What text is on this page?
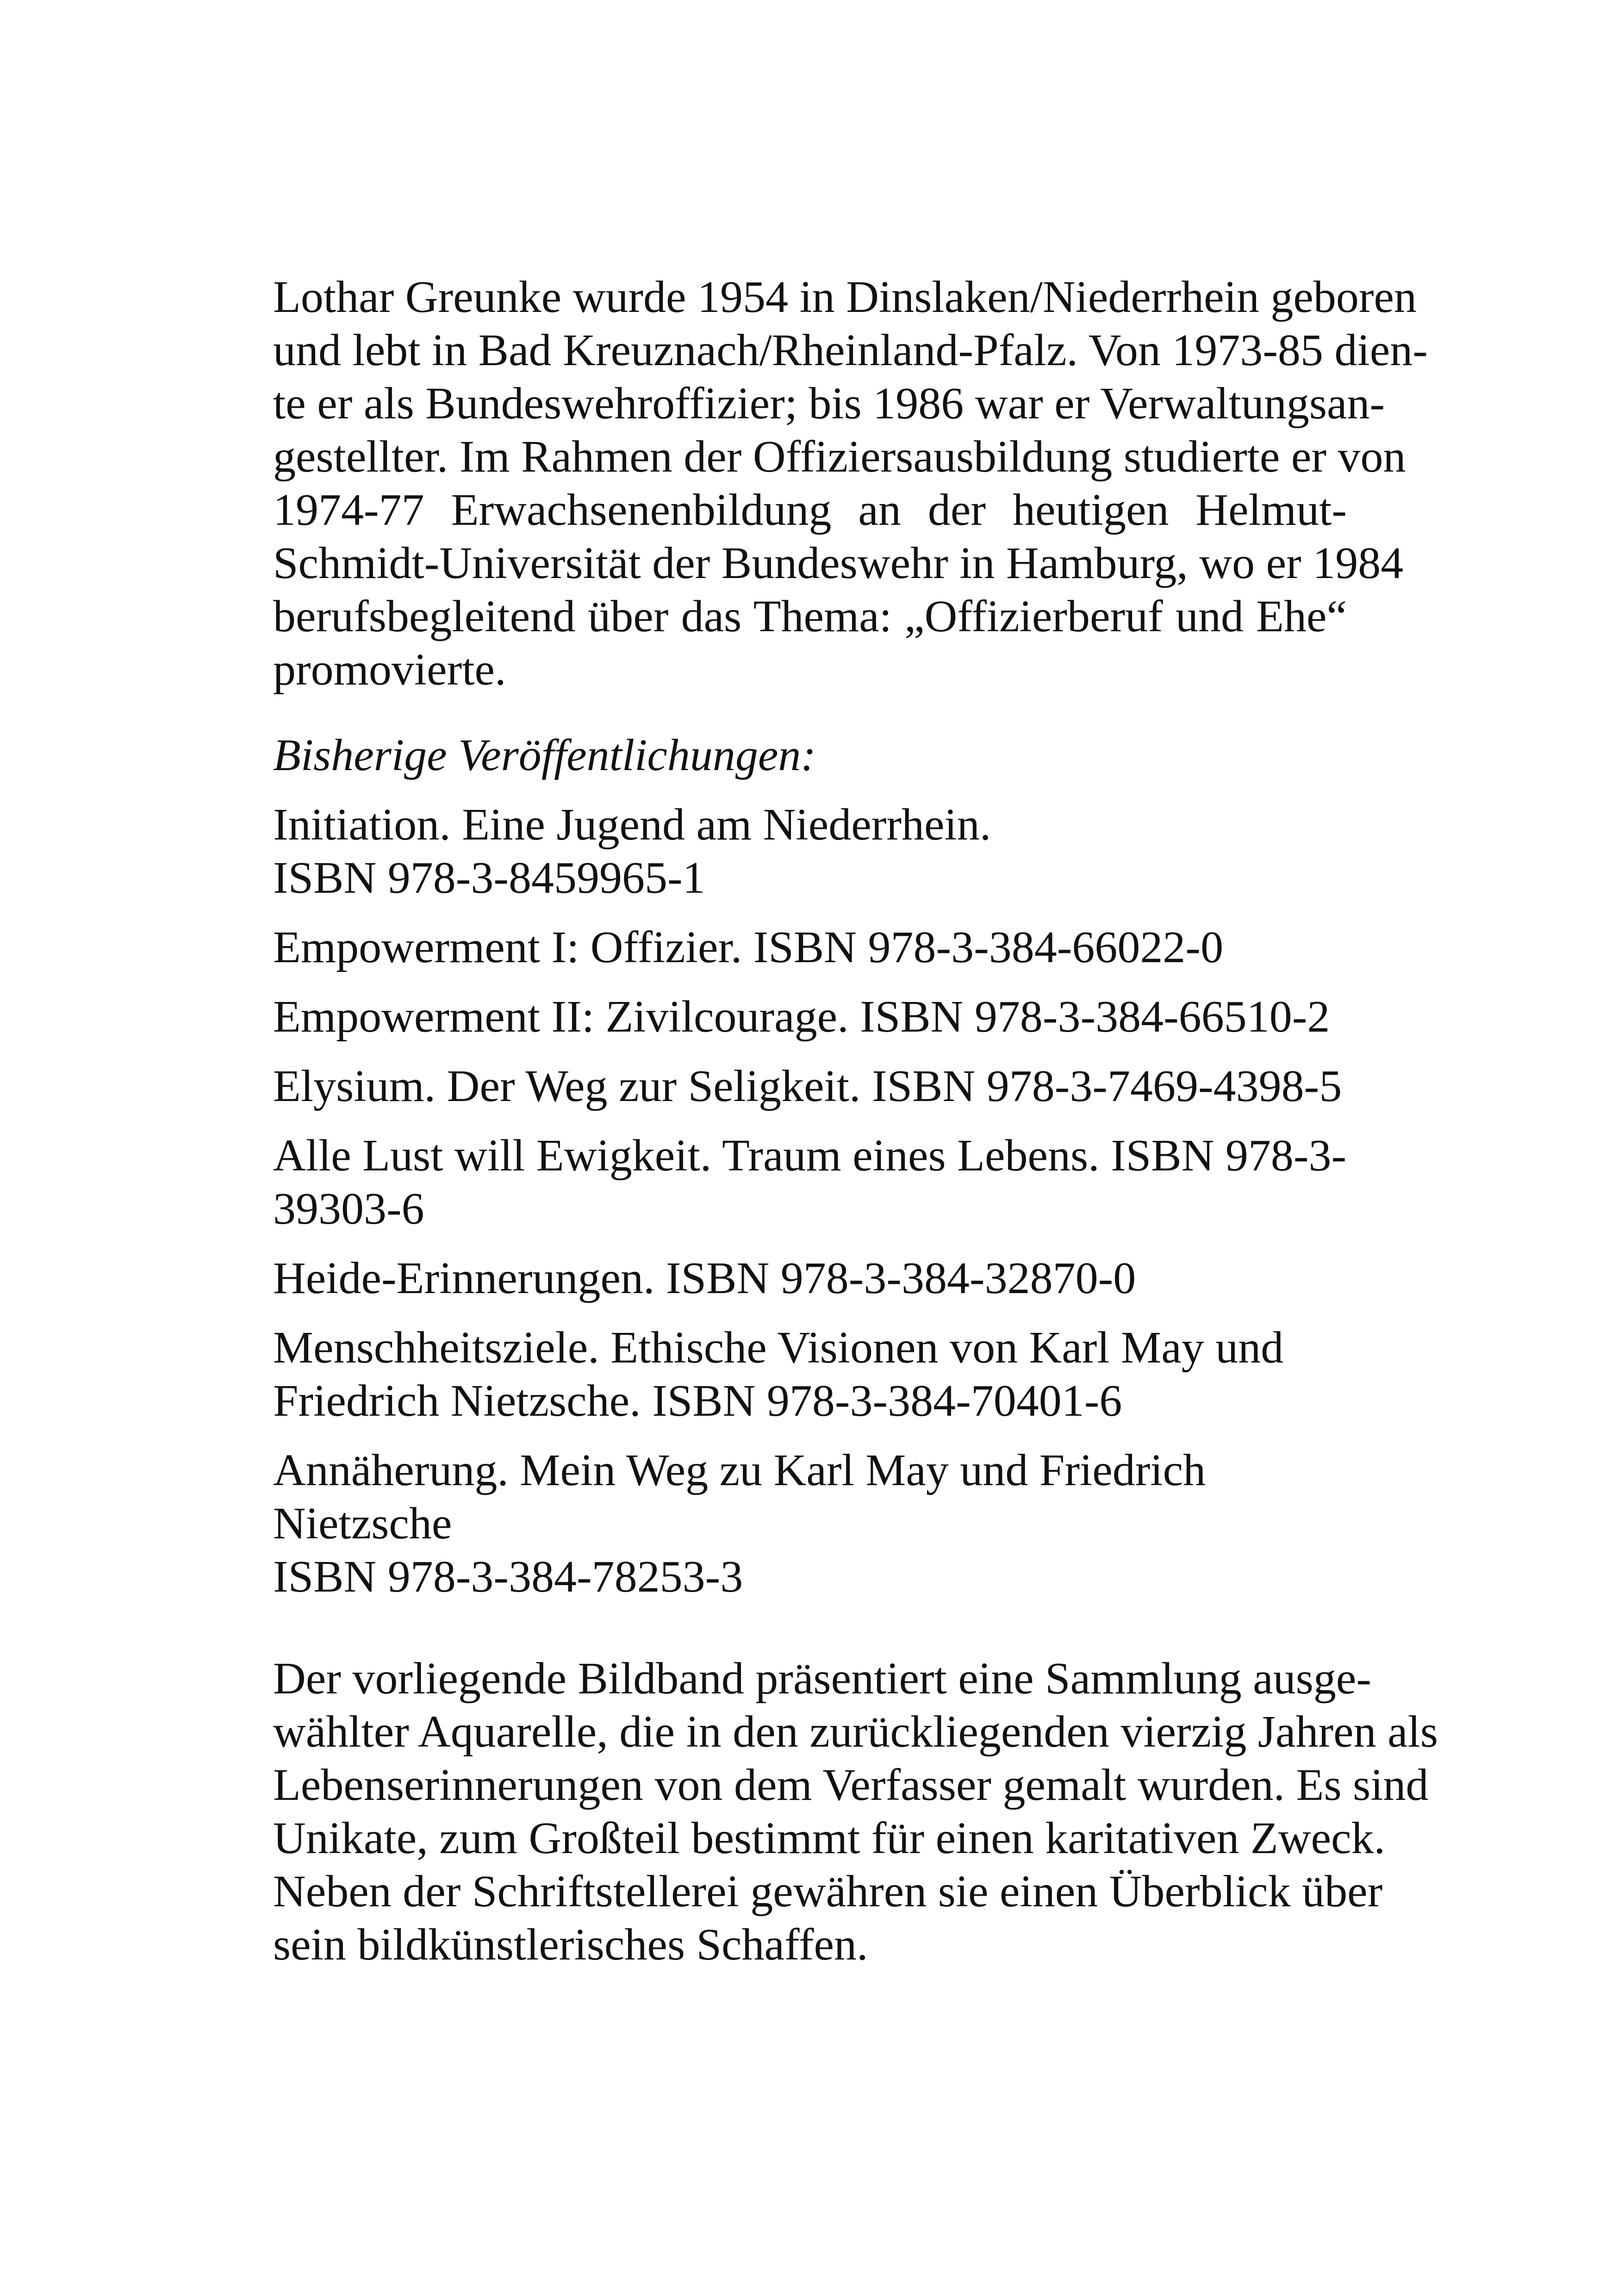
Lothar Greunke wurde 1954 in Dinslaken/Niederrhein geboren
und lebt in Bad Kreuznach/Rheinland-Pfalz. Von 1973-85 dien-
te er als Bundeswehroffizier; bis 1986 war er Verwaltungsan-
gestellter. Im Rahmen der Offiziersausbildung studierte er von
1974-77 Erwachsenenbildung an der heutigen Helmut-
Schmidt-Universität der Bundeswehr in Hamburg, wo er 1984
berufsbegleitend über das Thema: „Offizierberuf und Ehe“
promovierte.

Bisherige Veröffentlichungen:

Initiation. Eine Jugend am Niederrhein.
ISBN 978-3-8459965-1
Empowerment I: Offizier. ISBN 978-3-384-66022-0
Empowerment II: Zivilcourage. ISBN 978-3-384-66510-2
Elysium. Der Weg zur Seligkeit. ISBN 978-3-7469-4398-5
Alle Lust will Ewigkeit. Traum eines Lebens. ISBN 978-3-
39303-6
Heide-Erinnerungen. ISBN 978-3-384-32870-0
Menschheitsziele. Ethische Visionen von Karl May und
Friedrich Nietzsche. ISBN 978-3-384-70401-6
Annäherung. Mein Weg zu Karl May und Friedrich Nietzsche
ISBN 978-3-384-78253-3

Der vorliegende Bildband präsentiert eine Sammlung ausge-
wählter Aquarelle, die in den zurückliegenden vierzig Jahren als
Lebenserinnerungen von dem Verfasser gemalt wurden. Es sind
Unikate, zum Großteil bestimmt für einen karitativen Zweck.
Neben der Schriftstellerei gewähren sie einen Überblick über
sein bildkünstlerisches Schaffen.
